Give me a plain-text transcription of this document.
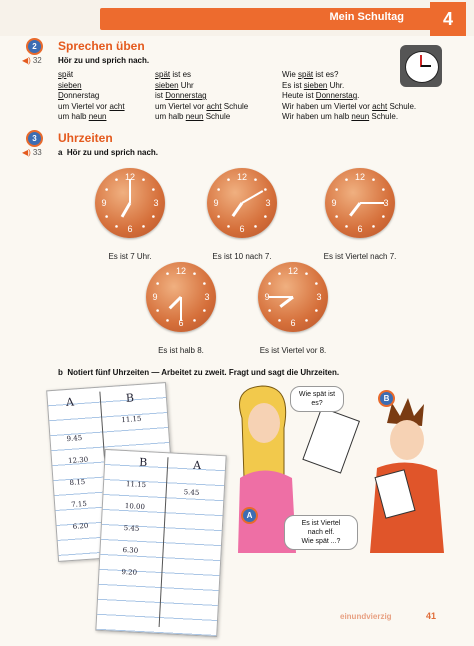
Mein Schultag	4
2	Sprechen üben
◀) 32 Hör zu und sprich nach.
spät
sieben
Donnerstag
um Viertel vor acht
um halb neun
spät ist es
sieben Uhr
ist Donnerstag
um Viertel vor acht Schule
um halb neun Schule
Wie spät ist es?
Es ist sieben Uhr.
Heute ist Donnerstag.
Wir haben um Viertel vor acht Schule.
Wir haben um halb neun Schule.
3	Uhrzeiten
◀) 33 a Hör zu und sprich nach.
3
6
9
12
Es ist 7 Uhr.
3
6
9
12
Es ist 10 nach 7.
3
6
9
12
Es ist Viertel nach 7.
3
6
9
12
Es ist halb 8.
3
6
9
12
Es ist Viertel vor 8.
b Notiert fünf Uhrzeiten — Arbeitet zu zweit. Fragt und sagt die Uhrzeiten.
A	B
9.45
12.30
8.15
7.15
6.20
11.15
B	A
11.15
10.00
5.45
6.30
9.20
5.45
Wie spät ist es?
B
A
Es ist Viertel
nach elf.
Wie spät ...?
einundvierzig	41
